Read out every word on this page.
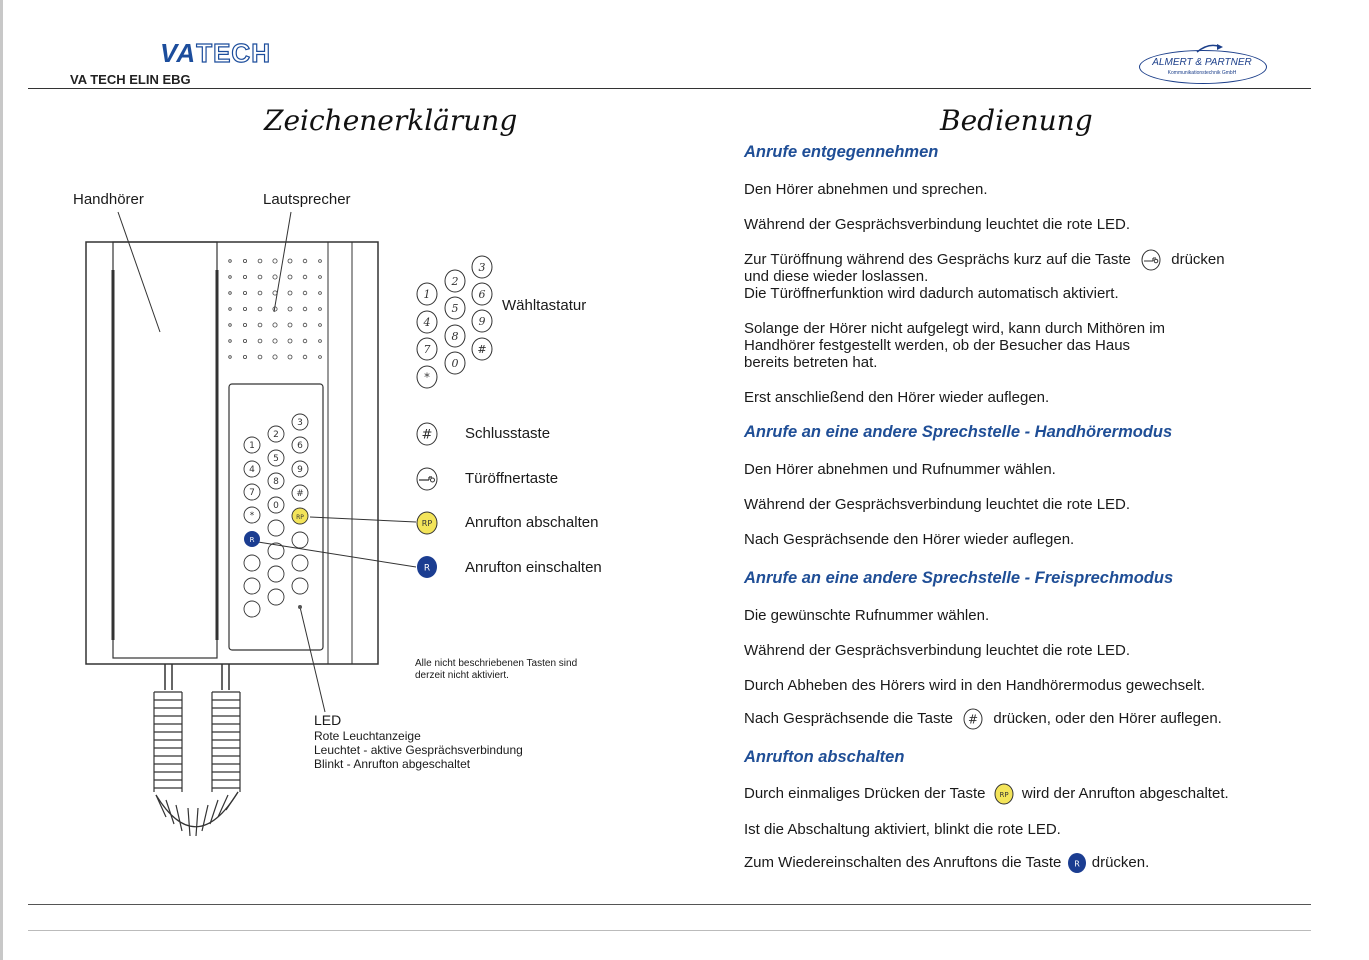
VATECH
VA TECH ELIN EBG
ALMERT & PARTNER
Kommunikationstechnik GmbH
Zeichenerklärung	Bedienung
Handhörer	Lautsprecher
3
2
6
1
5
9
4
8
#
7
0
*	RP
R
3
2
6
1
5
9
4
8
#
7
0
*
Wähltastatur
# Schlusstaste
Türöffnertaste
RP Anrufton abschalten
R Anrufton einschalten
Alle nicht beschriebenen Tasten sind
derzeit nicht aktiviert.
LED
Rote Leuchtanzeige
Leuchtet - aktive Gesprächsverbindung
Blinkt - Anrufton abgeschaltet
Anrufe entgegennehmen
Den Hörer abnehmen und sprechen.
Während der Gesprächsverbindung leuchtet die rote LED.
Zur Türöffnung während des Gesprächs kurz auf die Taste	drücken
und diese wieder loslassen.
Die Türöffnerfunktion wird dadurch automatisch aktiviert.
Solange der Hörer nicht aufgelegt wird, kann durch Mithören im
Handhörer festgestellt werden, ob der Besucher das Haus
bereits betreten hat.
Erst anschließend den Hörer wieder auflegen.
Anrufe an eine andere Sprechstelle - Handhörermodus
Den Hörer abnehmen und Rufnummer wählen.
Während der Gesprächsverbindung leuchtet die rote LED.
Nach Gesprächsende den Hörer wieder auflegen.
Anrufe an eine andere Sprechstelle - Freisprechmodus
Die gewünschte Rufnummer wählen.
Während der Gesprächsverbindung leuchtet die rote LED.
Durch Abheben des Hörers wird in den Handhörermodus gewechselt.
Nach Gesprächsende die Taste # drücken, oder den Hörer auflegen.
Anrufton abschalten
Durch einmaliges Drücken der Taste RP wird der Anrufton abgeschaltet.
Ist die Abschaltung aktiviert, blinkt die rote LED.
Zum Wiedereinschalten des Anruftons die Taste R drücken.
